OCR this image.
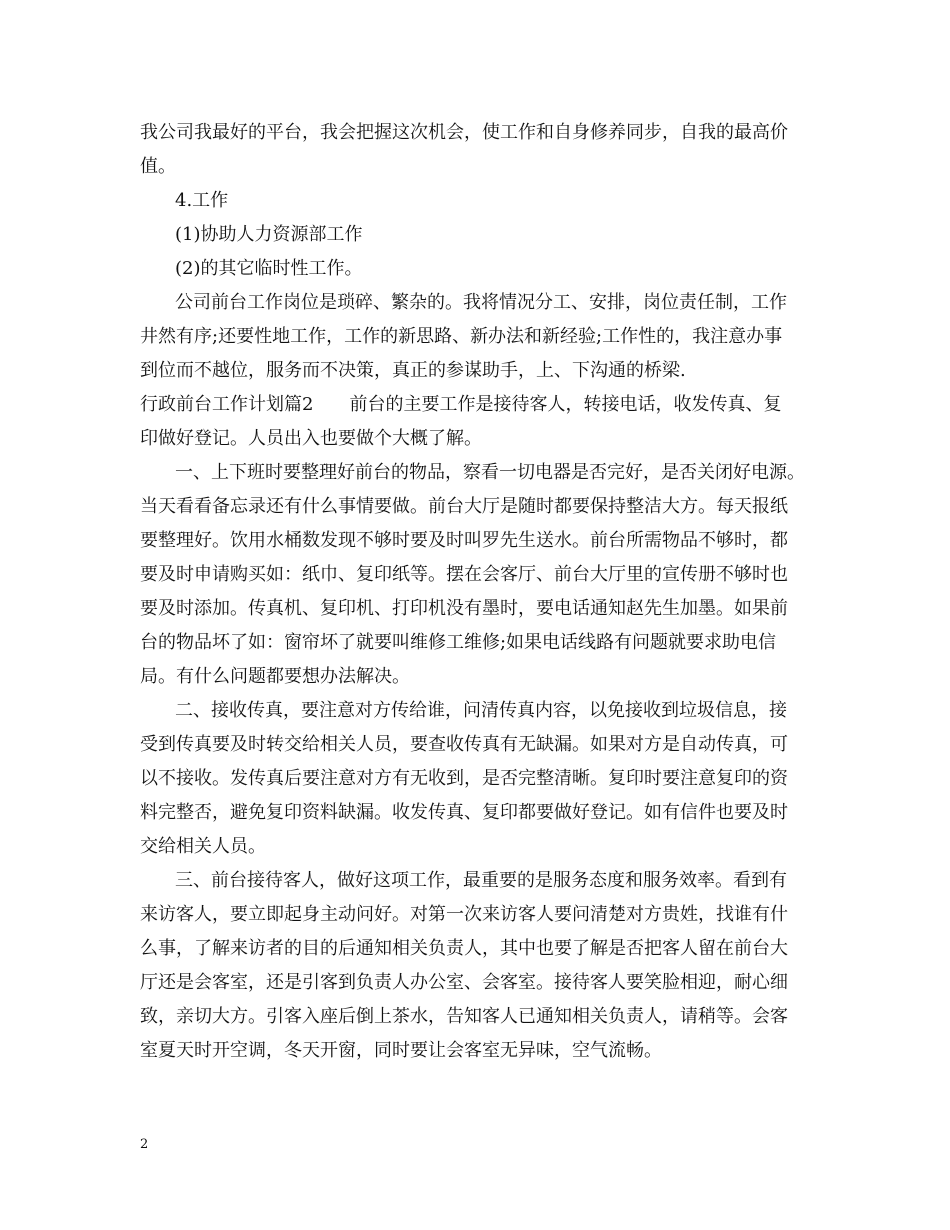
我公司我最好的平台，我会把握这次机会，使工作和自身修养同步，自我的最高价
值。
4.工作
(1)协助人力资源部工作
(2)的其它临时性工作。
公司前台工作岗位是琐碎、繁杂的。我将情况分工、安排，岗位责任制，工作
井然有序;还要性地工作，工作的新思路、新办法和新经验;工作性的，我注意办事
到位而不越位，服务而不决策，真正的参谋助手，上、下沟通的桥梁.
行政前台工作计划篇2　　前台的主要工作是接待客人，转接电话，收发传真、复
印做好登记。人员出入也要做个大概了解。
一、上下班时要整理好前台的物品，察看一切电器是否完好，是否关闭好电源。
当天看看备忘录还有什么事情要做。前台大厅是随时都要保持整洁大方。每天报纸
要整理好。饮用水桶数发现不够时要及时叫罗先生送水。前台所需物品不够时，都
要及时申请购买如：纸巾、复印纸等。摆在会客厅、前台大厅里的宣传册不够时也
要及时添加。传真机、复印机、打印机没有墨时，要电话通知赵先生加墨。如果前
台的物品坏了如：窗帘坏了就要叫维修工维修;如果电话线路有问题就要求助电信
局。有什么问题都要想办法解决。
二、接收传真，要注意对方传给谁，问清传真内容，以免接收到垃圾信息，接
受到传真要及时转交给相关人员，要查收传真有无缺漏。如果对方是自动传真，可
以不接收。发传真后要注意对方有无收到，是否完整清晰。复印时要注意复印的资
料完整否，避免复印资料缺漏。收发传真、复印都要做好登记。如有信件也要及时
交给相关人员。
三、前台接待客人，做好这项工作，最重要的是服务态度和服务效率。看到有
来访客人，要立即起身主动问好。对第一次来访客人要问清楚对方贵姓，找谁有什
么事，了解来访者的目的后通知相关负责人，其中也要了解是否把客人留在前台大
厅还是会客室，还是引客到负责人办公室、会客室。接待客人要笑脸相迎，耐心细
致，亲切大方。引客入座后倒上茶水，告知客人已通知相关负责人，请稍等。会客
室夏天时开空调，冬天开窗，同时要让会客室无异味，空气流畅。
2
